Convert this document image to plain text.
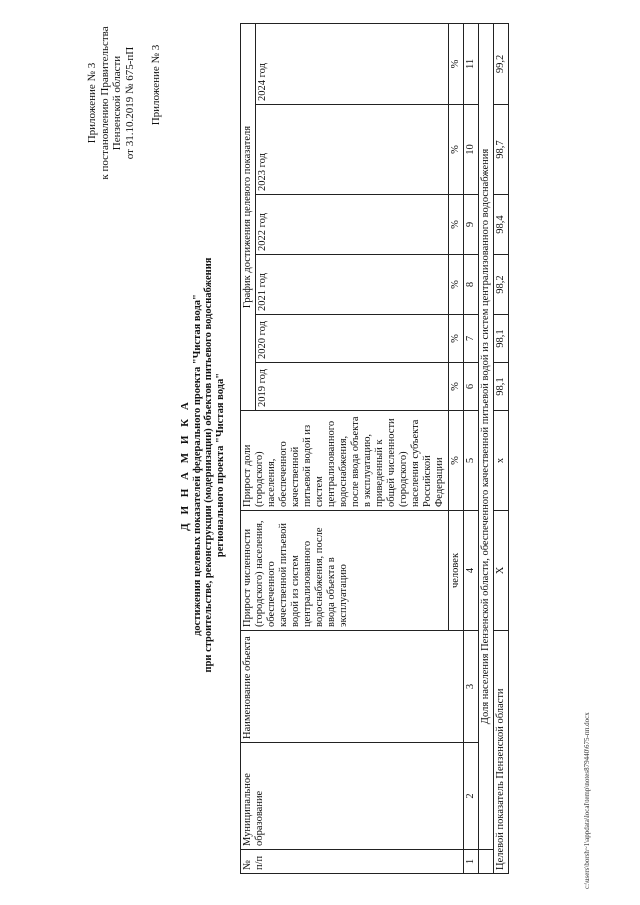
Приложение № 3 к постановлению Правительства Пензенской области от 31.10.2019 № 675-пП Приложение № 3
Д И Н А М И К А достижения целевых показателей федерального проекта "Чистая вода" при строительстве, реконструкции (модернизации) объектов питьевого водоснабжения регионального проекта "Чистая вода"
№ п/п	Муниципальное образование	Наименование объекта	Прирост численности (городского) населения, обеспеченного качественной питьевой водой из систем централизованного водоснабжения, после ввода объекта в эксплуатацию	Прирост доли (городского) населения, обеспеченного качественной питьевой водой из систем централизованного водоснабжения, после ввода объекта в эксплуатацию, приведенный к общей численности (городского) населения субъекта Российской Федерации	График достижения целевого показателя					
					2019 год	2020 год	2021 год	2022 год	2023 год	2024 год
			человек	%	%	%	%	%	%	%
1	2	3	4	5	6	7	8	9	10	11
	Доля населения Пензенской области, обеспеченного качественной питьевой водой из систем централизованного водоснабжения									
Целевой показатель Пензенской области			Х	х	98,1	98,1	98,2	98,4	98,7	99,2
c:\users\borsh~1\appdata\local\temp\notes879440\675-пп.docx
